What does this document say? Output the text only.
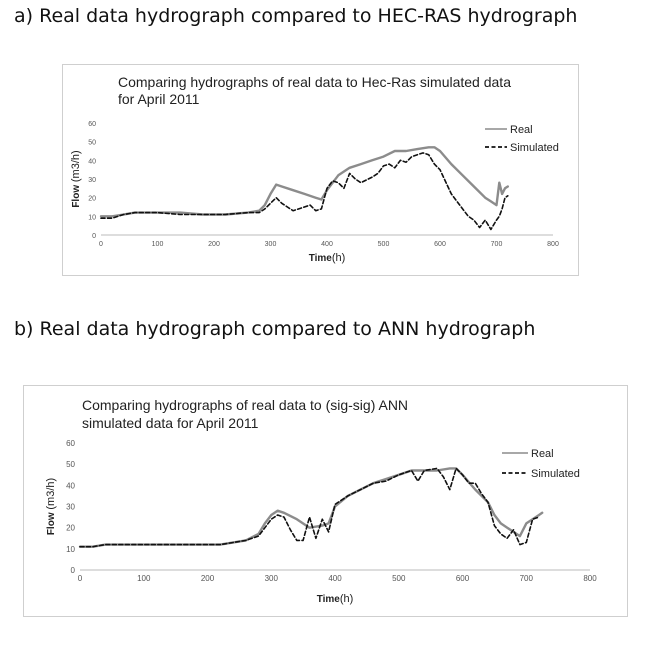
a) Real data hydrograph compared to HEC-RAS hydrograph
b) Real data hydrograph compared to ANN hydrograph
Comparing hydrographs of real data to Hec-Ras simulated data
for April 2011
0	100	200	300	400	500	600	700	800
0
10
20
30
40
50
60
Time(h)
Flow (m3/h)
Real
Simulated
Comparing hydrographs of real data to (sig-sig) ANN
simulated data for April 2011
0	100	200	300	400	500	600	700	800
0
10
20
30
40
50
60
Time(h)
Flow (m3/h)
Real
Simulated
